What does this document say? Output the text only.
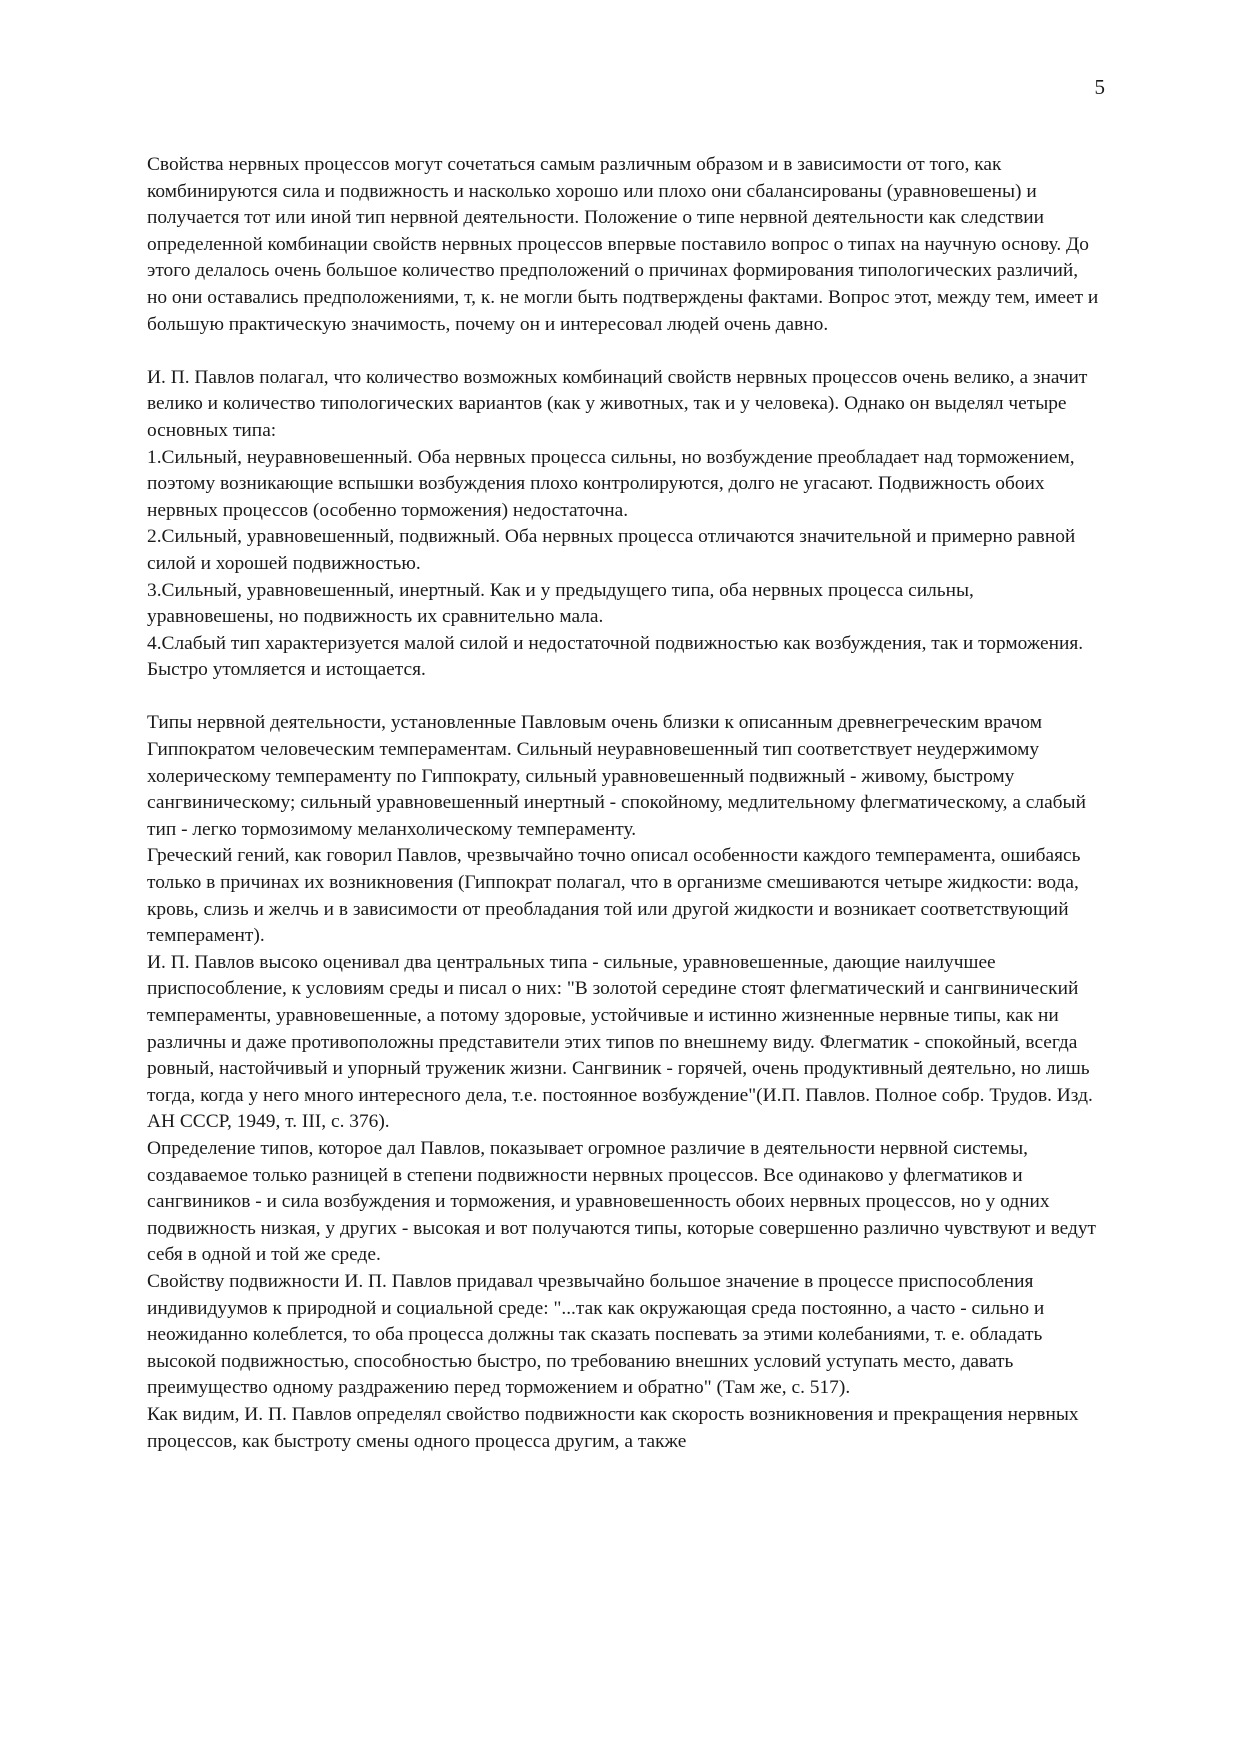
5

Свойства нервных процессов могут сочетаться самым различным образом и в зависимости от того, как комбинируются сила и подвижность и насколько хорошо или плохо они сбалансированы (уравновешены) и получается тот или иной тип нервной деятельности. Положение о типе нервной деятельности как следствии определенной комбинации свойств нервных процессов впервые поставило вопрос о типах на научную основу. До этого делалось очень большое количество предположений о причинах формирования типологических различий, но они оставались предположениями, т, к. не могли быть подтверждены фактами. Вопрос этот, между тем, имеет и большую практическую значимость, почему он и интересовал людей очень давно.

И. П. Павлов полагал, что количество возможных комбинаций свойств нервных процессов очень велико, а значит велико и количество типологических вариантов (как у животных, так и у человека). Однако он выделял четыре основных типа:

1.Сильный, неуравновешенный. Оба нервных процесса сильны, но возбуждение преобладает над торможением, поэтому возникающие вспышки возбуждения плохо контролируются, долго не угасают. Подвижность обоих нервных процессов (особенно торможения) недостаточна.

2.Сильный, уравновешенный, подвижный. Оба нервных процесса отличаются значительной и примерно равной силой и хорошей подвижностью.

3.Сильный, уравновешенный, инертный. Как и у предыдущего типа, оба нервных процесса сильны, уравновешены, но подвижность их сравнительно мала.

4.Слабый тип характеризуется малой силой и недостаточной подвижностью как возбуждения, так и торможения. Быстро утомляется и истощается.

Типы нервной деятельности, установленные Павловым очень близки к описанным древнегреческим врачом Гиппократом человеческим темпераментам. Сильный неуравновешенный тип соответствует неудержимому холерическому темпераменту по Гиппократу, сильный уравновешенный подвижный - живому, быстрому сангвиническому; сильный уравновешенный инертный - спокойному, медлительному флегматическому, а слабый тип - легко тормозимому меланхолическому темпераменту.

Греческий гений, как говорил Павлов, чрезвычайно точно описал особенности каждого темперамента, ошибаясь только в причинах их возникновения (Гиппократ полагал, что в организме смешиваются четыре жидкости: вода, кровь, слизь и желчь и в зависимости от преобладания той или другой жидкости и возникает соответствующий темперамент).

И. П. Павлов высоко оценивал два центральных типа - сильные, уравновешенные, дающие наилучшее приспособление, к условиям среды и писал о них: "В золотой середине стоят флегматический и сангвинический темпераменты, уравновешенные, а потому здоровые, устойчивые и истинно жизненные нервные типы, как ни различны и даже противоположны представители этих типов по внешнему виду. Флегматик - спокойный, всегда ровный, настойчивый и упорный труженик жизни. Сангвиник - горячей, очень продуктивный деятельно, но лишь тогда, когда у него много интересного дела, т.е. постоянное возбуждение"(И.П. Павлов. Полное собр. Трудов. Изд. АН СССР, 1949, т. III, с. 376).

Определение типов, которое дал Павлов, показывает огромное различие в деятельности нервной системы, создаваемое только разницей в степени подвижности нервных процессов. Все одинаково у флегматиков и сангвиников - и сила возбуждения и торможения, и уравновешенность обоих нервных процессов, но у одних подвижность низкая, у других - высокая и вот получаются типы, которые совершенно различно чувствуют и ведут себя в одной и той же среде.

Свойству подвижности И. П. Павлов придавал чрезвычайно большое значение в процессе приспособления индивидуумов к природной и социальной среде: "...так как окружающая среда постоянно, а часто - сильно и неожиданно колеблется, то оба процесса должны так сказать поспевать за этими колебаниями, т. е. обладать высокой подвижностью, способностью быстро, по требованию внешних условий уступать место, давать преимущество одному раздражению перед торможением и обратно" (Там же, с. 517).

Как видим, И. П. Павлов определял свойство подвижности как скорость возникновения и прекращения нервных процессов, как быстроту смены одного процесса другим, а также
